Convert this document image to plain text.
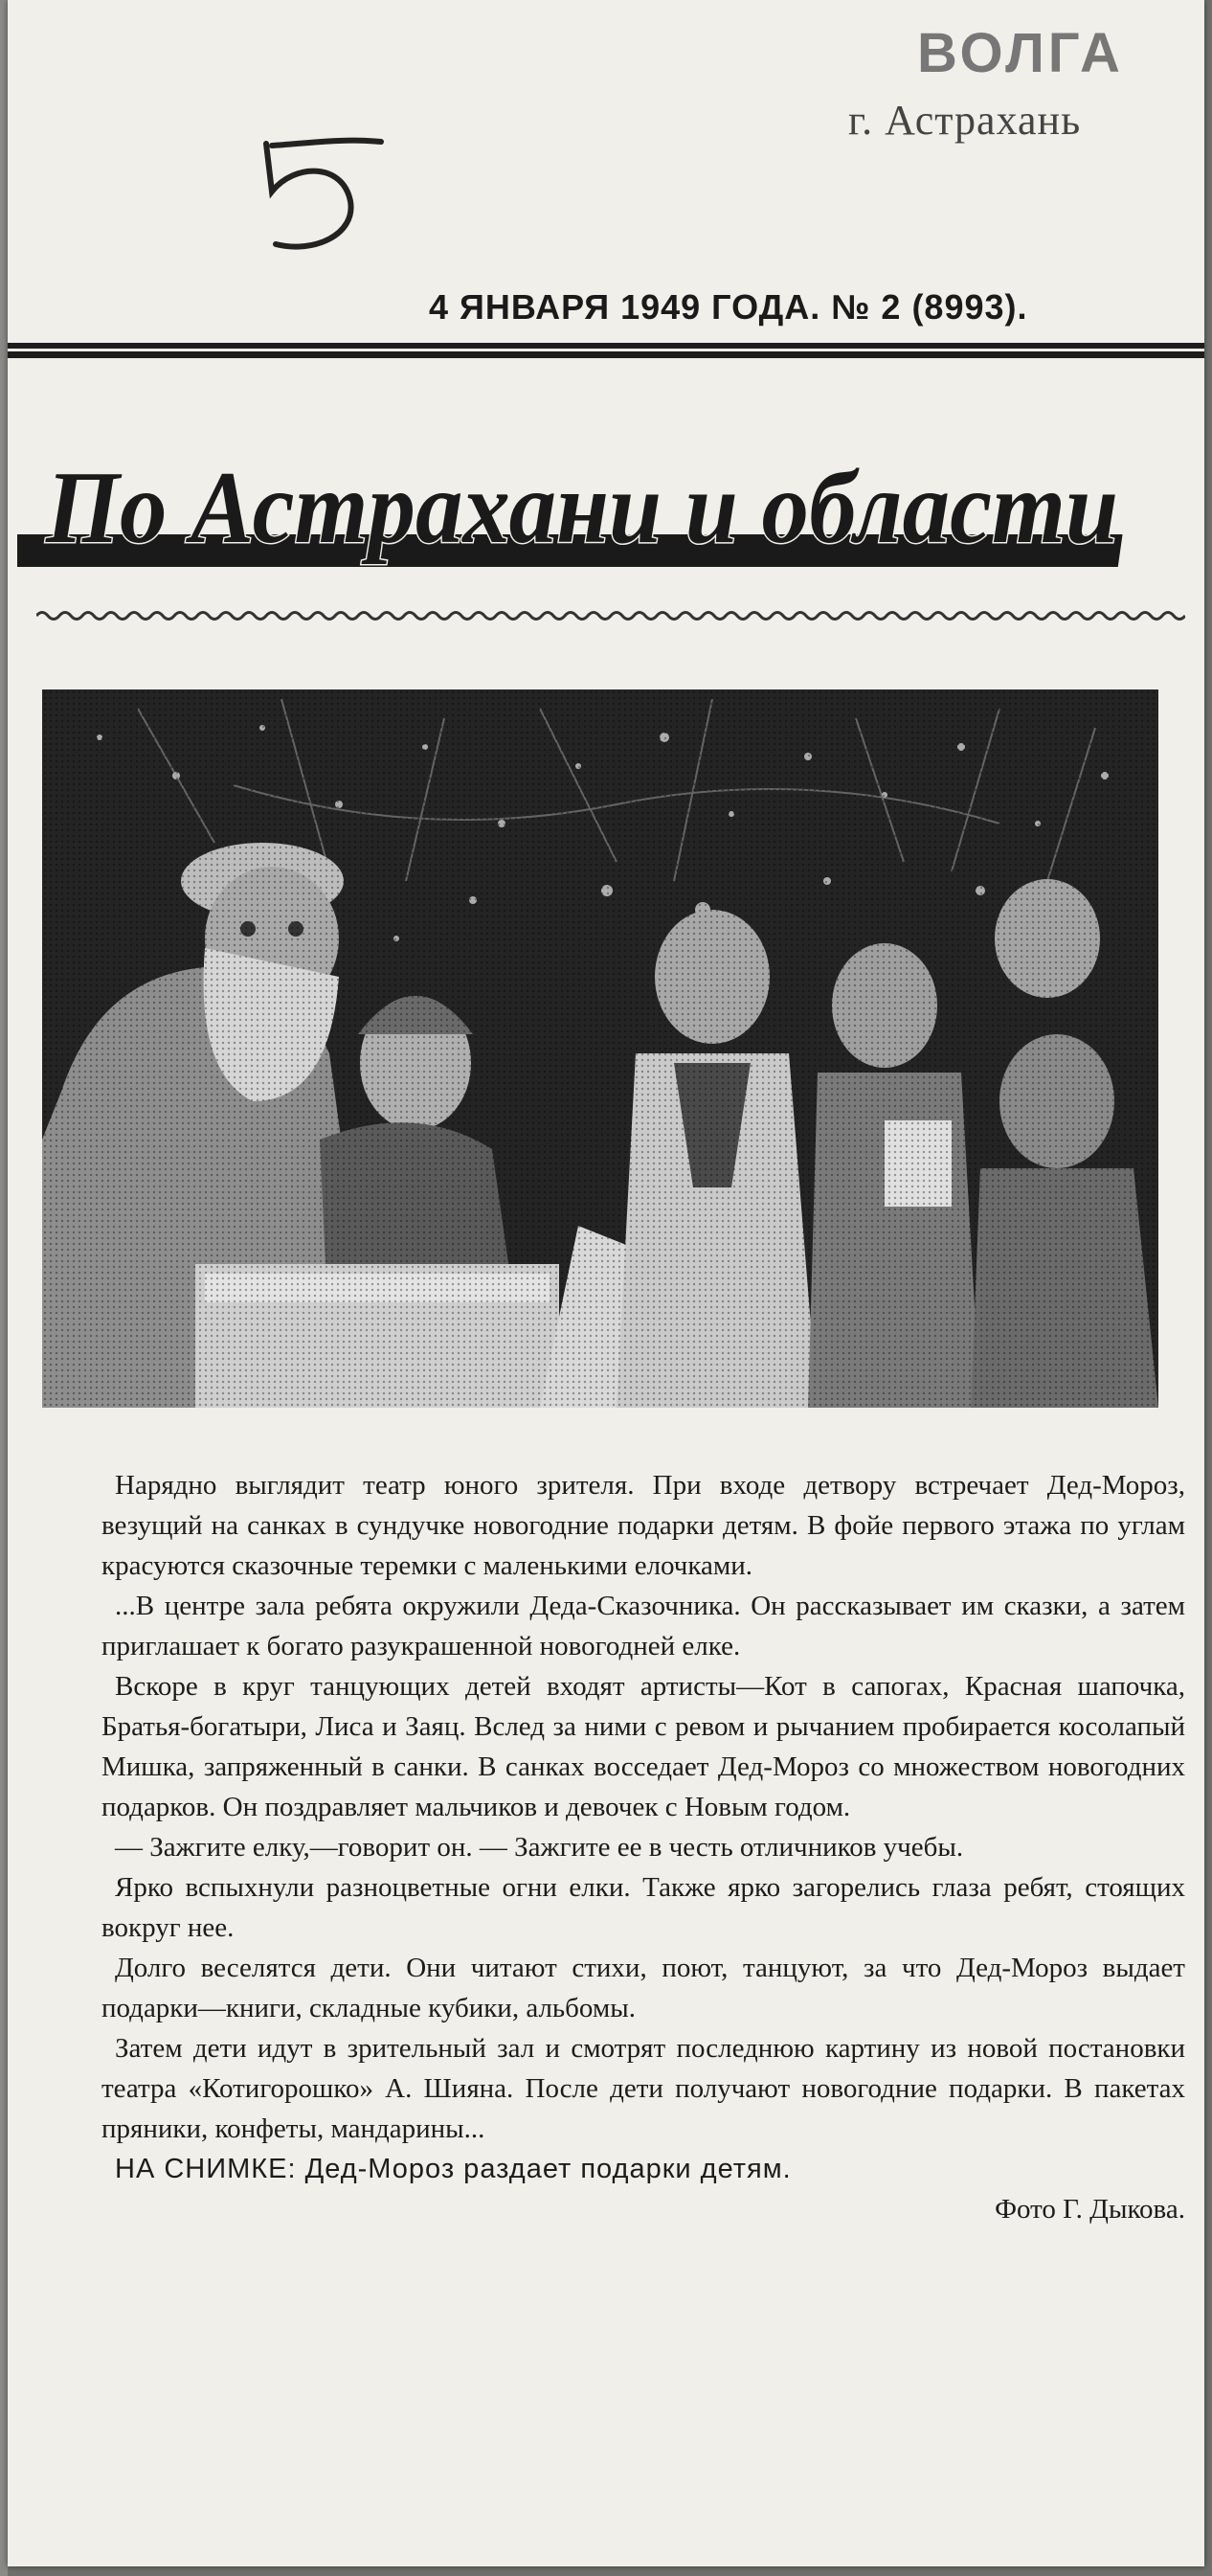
ВОЛГА
г. Астрахань
4 ЯНВАРЯ 1949 ГОДА. № 2 (8993).
По Астрахани и области

Нарядно выглядит театр юного зрителя. При входе детвору встречает Дед-Мороз, везущий на санках в сундучке новогодние подарки детям. В фойе первого этажа по углам красуются сказочные теремки с маленькими елочками.

...В центре зала ребята окружили Деда-Сказочника. Он рассказывает им сказки, а затем приглашает к богато разукрашенной новогодней елке.

Вскоре в круг танцующих детей входят артисты—Кот в сапогах, Красная шапочка, Братья-богатыри, Лиса и Заяц. Вслед за ними с ревом и рычанием пробирается косолапый Мишка, запряженный в санки. В санках восседает Дед-Мороз со множеством новогодних подарков. Он поздравляет мальчиков и девочек с Новым годом.

— Зажгите елку,—говорит он. — Зажгите ее в честь отличников учебы.

Ярко вспыхнули разноцветные огни елки. Также ярко загорелись глаза ребят, стоящих вокруг нее.

Долго веселятся дети. Они читают стихи, поют, танцуют, за что Дед-Мороз выдает подарки—книги, складные кубики, альбомы.

Затем дети идут в зрительный зал и смотрят последнюю картину из новой постановки театра «Котигорошко» А. Шияна. После дети получают новогодние подарки. В пакетах пряники, конфеты, мандарины...

НА СНИМКЕ: Дед-Мороз раздает подарки детям.

Фото Г. Дыкова.
